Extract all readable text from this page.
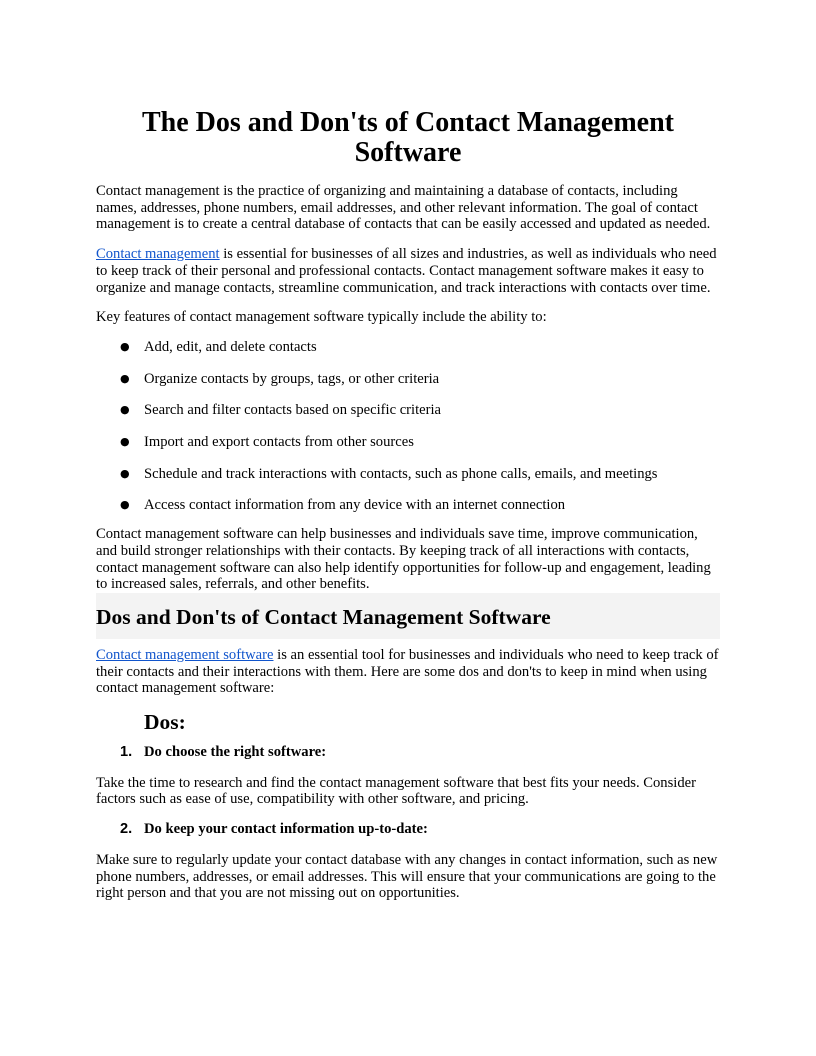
The Dos and Don'ts of Contact Management Software

Contact management is the practice of organizing and maintaining a database of contacts, including names, addresses, phone numbers, email addresses, and other relevant information. The goal of contact management is to create a central database of contacts that can be easily accessed and updated as needed.

Contact management is essential for businesses of all sizes and industries, as well as individuals who need to keep track of their personal and professional contacts. Contact management software makes it easy to organize and manage contacts, streamline communication, and track interactions with contacts over time.

Key features of contact management software typically include the ability to:

● Add, edit, and delete contacts
● Organize contacts by groups, tags, or other criteria
● Search and filter contacts based on specific criteria
● Import and export contacts from other sources
● Schedule and track interactions with contacts, such as phone calls, emails, and meetings
● Access contact information from any device with an internet connection

Contact management software can help businesses and individuals save time, improve communication, and build stronger relationships with their contacts. By keeping track of all interactions with contacts, contact management software can also help identify opportunities for follow-up and engagement, leading to increased sales, referrals, and other benefits.

Dos and Don'ts of Contact Management Software

Contact management software is an essential tool for businesses and individuals who need to keep track of their contacts and their interactions with them. Here are some dos and don'ts to keep in mind when using contact management software:

Dos:
1. Do choose the right software:

Take the time to research and find the contact management software that best fits your needs. Consider factors such as ease of use, compatibility with other software, and pricing.

2. Do keep your contact information up-to-date:

Make sure to regularly update your contact database with any changes in contact information, such as new phone numbers, addresses, or email addresses. This will ensure that your communications are going to the right person and that you are not missing out on opportunities.
